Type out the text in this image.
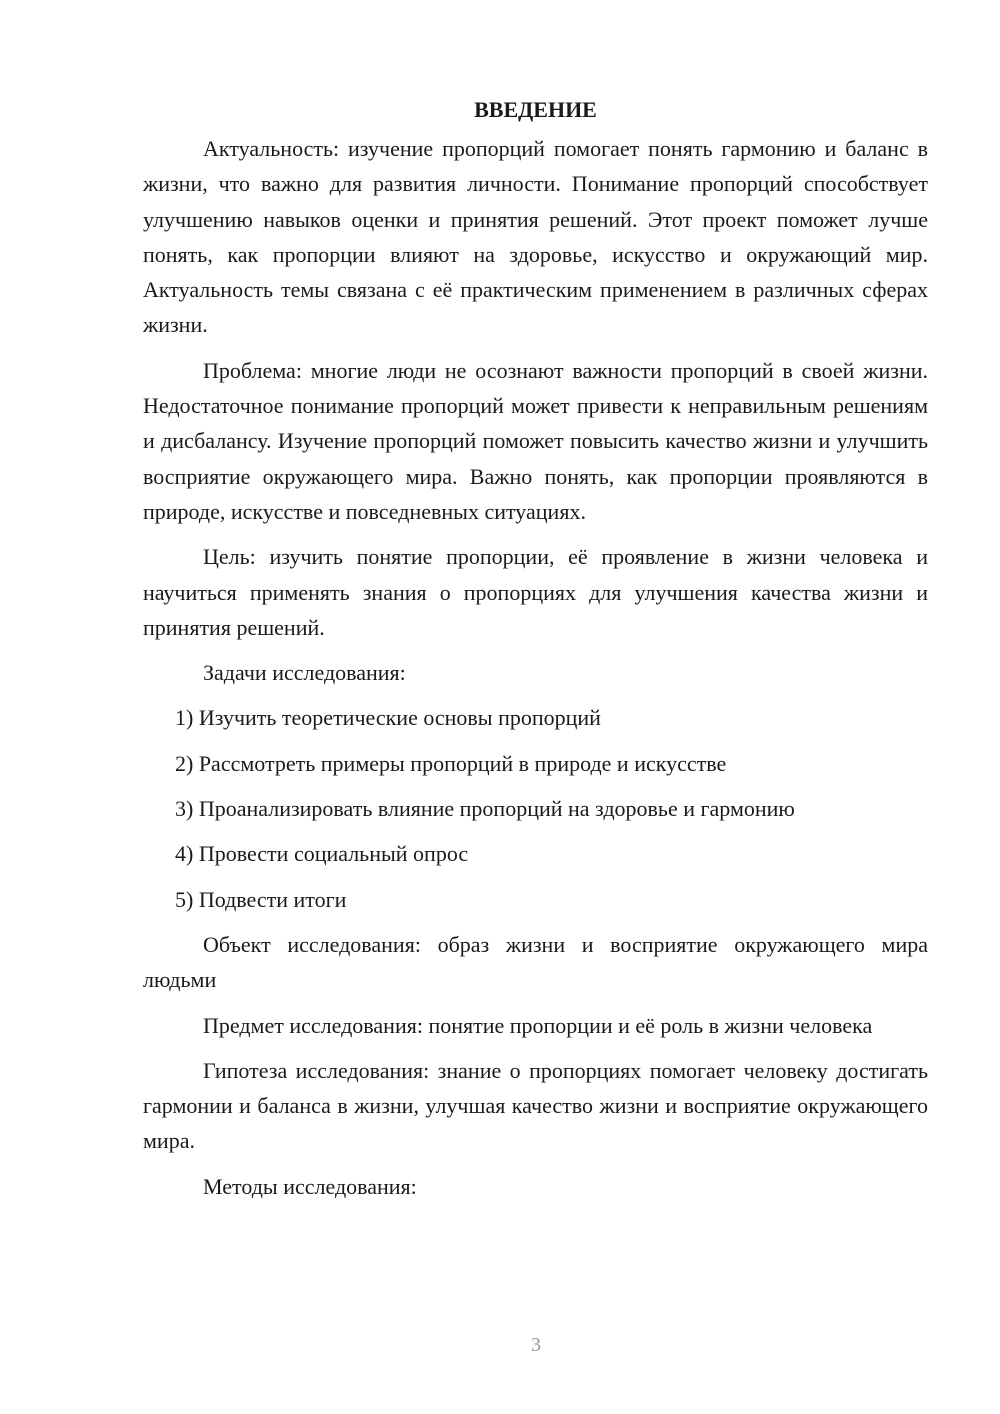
ВВЕДЕНИЕ

Актуальность: изучение пропорций помогает понять гармонию и баланс в жизни, что важно для развития личности. Понимание пропорций способствует улучшению навыков оценки и принятия решений. Этот проект поможет лучше понять, как пропорции влияют на здоровье, искусство и окружающий мир. Актуальность темы связана с её практическим применением в различных сферах жизни.

Проблема: многие люди не осознают важности пропорций в своей жизни. Недостаточное понимание пропорций может привести к неправильным решениям и дисбалансу. Изучение пропорций поможет повысить качество жизни и улучшить восприятие окружающего мира. Важно понять, как пропорции проявляются в природе, искусстве и повседневных ситуациях.

Цель: изучить понятие пропорции, её проявление в жизни человека и научиться применять знания о пропорциях для улучшения качества жизни и принятия решений.

Задачи исследования:

1) Изучить теоретические основы пропорций
2) Рассмотреть примеры пропорций в природе и искусстве
3) Проанализировать влияние пропорций на здоровье и гармонию
4) Провести социальный опрос
5) Подвести итоги

Объект исследования: образ жизни и восприятие окружающего мира людьми

Предмет исследования: понятие пропорции и её роль в жизни человека

Гипотеза исследования: знание о пропорциях помогает человеку достигать гармонии и баланса в жизни, улучшая качество жизни и восприятие окружающего мира.

Методы исследования:

3
